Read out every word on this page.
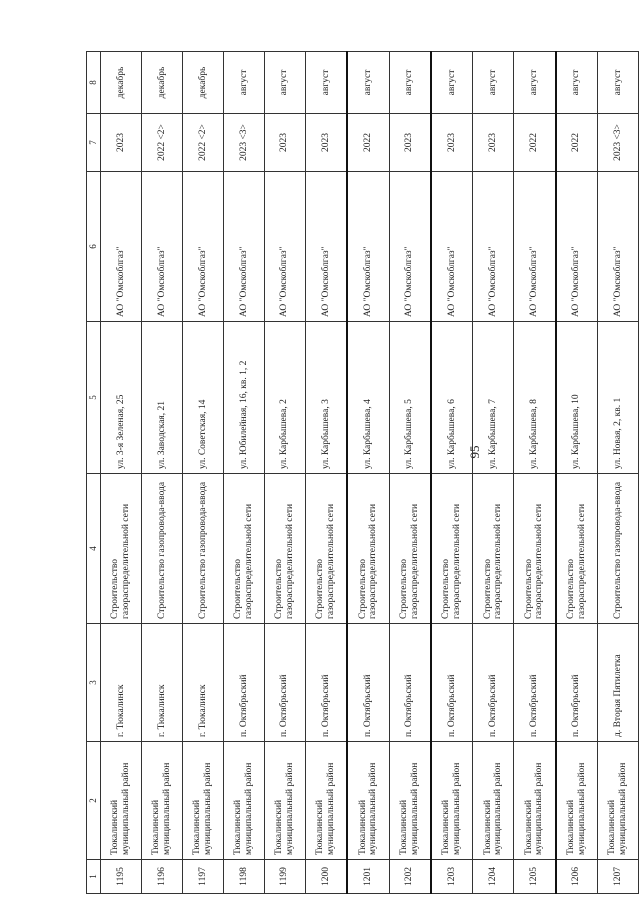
95
1	2	3	4	5	6	7	8
1195	Тюкалинский муниципальный район	г. Тюкалинск	Строительство газораспределительной сети	ул. 3-я Зеленая, 25	АО "Омскоблгаз"	2023	декабрь
1196	Тюкалинский муниципальный район	г. Тюкалинск	Строительство газопровода-ввода	ул. Заводская, 21	АО "Омскоблгаз"	2022 <2>	декабрь
1197	Тюкалинский муниципальный район	г. Тюкалинск	Строительство газопровода-ввода	ул. Советская, 14	АО "Омскоблгаз"	2022 <2>	декабрь
1198	Тюкалинский муниципальный район	п. Октябрьский	Строительство газораспределительной сети	ул. Юбилейная, 16, кв. 1, 2	АО "Омскоблгаз"	2023 <3>	август
1199	Тюкалинский муниципальный район	п. Октябрьский	Строительство газораспределительной сети	ул. Карбышева, 2	АО "Омскоблгаз"	2023	август
1200	Тюкалинский муниципальный район	п. Октябрьский	Строительство газораспределительной сети	ул. Карбышева, 3	АО "Омскоблгаз"	2023	август
1201	Тюкалинский муниципальный район	п. Октябрьский	Строительство газораспределительной сети	ул. Карбышева, 4	АО "Омскоблгаз"	2022	август
1202	Тюкалинский муниципальный район	п. Октябрьский	Строительство газораспределительной сети	ул. Карбышева, 5	АО "Омскоблгаз"	2023	август
1203	Тюкалинский муниципальный район	п. Октябрьский	Строительство газораспределительной сети	ул. Карбышева, 6	АО "Омскоблгаз"	2023	август
1204	Тюкалинский муниципальный район	п. Октябрьский	Строительство газораспределительной сети	ул. Карбышева, 7	АО "Омскоблгаз"	2023	август
1205	Тюкалинский муниципальный район	п. Октябрьский	Строительство газораспределительной сети	ул. Карбышева, 8	АО "Омскоблгаз"	2022	август
1206	Тюкалинский муниципальный район	п. Октябрьский	Строительство газораспределительной сети	ул. Карбышева, 10	АО "Омскоблгаз"	2022	август
1207	Тюкалинский муниципальный район	д. Вторая Пятилетка	Строительство газопровода-ввода	ул. Новая, 2, кв. 1	АО "Омскоблгаз"	2023 <3>	август
